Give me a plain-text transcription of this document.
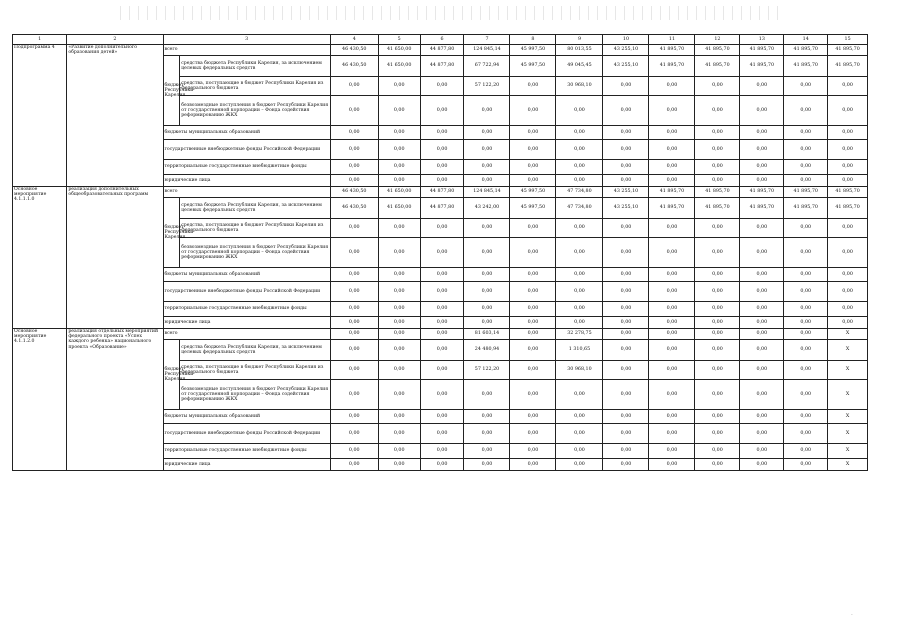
1	2	3		4	5	6	7	8	9	10	11	12	13	14	15
Подпрограмма 4	«Развитие дополнительного образования детей»	всего		46 430,50	41 650,00	44 877,80	124 845,14	45 997,50	80 013,55	43 255,10	41 895,70	41 895,70	41 895,70	41 895,70	41 895,70
		бюджет Республики Карелия	средства бюджета Республики Карелия, за исключением целевых федеральных средств	46 430,50	41 650,00	44 877,80	67 722,94	45 997,50	49 045,45	43 255,10	41 895,70	41 895,70	41 895,70	41 895,70	41 895,70
			средства, поступающие в бюджет Республики Карелия из федерального бюджета	0,00	0,00	0,00	57 122,20	0,00	30 968,10	0,00	0,00	0,00	0,00	0,00	0,00
			безвозмездные поступления в бюджет Республики Карелия от государственной корпорации – Фонда содействия реформированию ЖКХ	0,00	0,00	0,00	0,00	0,00	0,00	0,00	0,00	0,00	0,00	0,00	0,00
		бюджеты муниципальных образований		0,00	0,00	0,00	0,00	0,00	0,00	0,00	0,00	0,00	0,00	0,00	0,00
		государственные внебюджетные фонды Российской Федерации		0,00	0,00	0,00	0,00	0,00	0,00	0,00	0,00	0,00	0,00	0,00	0,00
		территориальные государственные внебюджетные фонды		0,00	0,00	0,00	0,00	0,00	0,00	0,00	0,00	0,00	0,00	0,00	0,00
		юридические лица		0,00	0,00	0,00	0,00	0,00	0,00	0,00	0,00	0,00	0,00	0,00	0,00
Основное мероприятие 4.1.1.1.0	реализация дополнительных общеобразовательных программ	всего		46 430,50	41 650,00	44 877,80	124 845,14	45 997,50	47 734,80	43 255,10	41 895,70	41 895,70	41 895,70	41 895,70	41 895,70
		бюджет Республики Карелия	средства бюджета Республики Карелия, за исключением целевых федеральных средств	46 430,50	41 650,00	44 877,80	43 242,00	45 997,50	47 734,80	43 255,10	41 895,70	41 895,70	41 895,70	41 895,70	41 895,70
			средства, поступающие в бюджет Республики Карелия из федерального бюджета	0,00	0,00	0,00	0,00	0,00	0,00	0,00	0,00	0,00	0,00	0,00	0,00
			безвозмездные поступления в бюджет Республики Карелия от государственной корпорации – Фонда содействия реформированию ЖКХ	0,00	0,00	0,00	0,00	0,00	0,00	0,00	0,00	0,00	0,00	0,00	0,00
		бюджеты муниципальных образований		0,00	0,00	0,00	0,00	0,00	0,00	0,00	0,00	0,00	0,00	0,00	0,00
		государственные внебюджетные фонды Российской Федерации		0,00	0,00	0,00	0,00	0,00	0,00	0,00	0,00	0,00	0,00	0,00	0,00
		территориальные государственные внебюджетные фонды		0,00	0,00	0,00	0,00	0,00	0,00	0,00	0,00	0,00	0,00	0,00	0,00
		юридические лица		0,00	0,00	0,00	0,00	0,00	0,00	0,00	0,00	0,00	0,00	0,00	0,00
Основное мероприятие 4.1.1.2.0	реализация отдельных мероприятий федерального проекта «Успех каждого ребенка» национального проекта «Образование»	всего		0,00	0,00	0,00	81 603,14	0,00	32 278,75	0,00	0,00	0,00	0,00	0,00	X
		бюджет Республики Карелия	средства бюджета Республики Карелия, за исключением целевых федеральных средств	0,00	0,00	0,00	24 480,94	0,00	1 310,65	0,00	0,00	0,00	0,00	0,00	X
			средства, поступающие в бюджет Республики Карелия из федерального бюджета	0,00	0,00	0,00	57 122,20	0,00	30 968,10	0,00	0,00	0,00	0,00	0,00	X
			безвозмездные поступления в бюджет Республики Карелия от государственной корпорации – Фонда содействия реформированию ЖКХ	0,00	0,00	0,00	0,00	0,00	0,00	0,00	0,00	0,00	0,00	0,00	X
		бюджеты муниципальных образований		0,00	0,00	0,00	0,00	0,00	0,00	0,00	0,00	0,00	0,00	0,00	X
		государственные внебюджетные фонды Российской Федерации		0,00	0,00	0,00	0,00	0,00	0,00	0,00	0,00	0,00	0,00	0,00	X
		территориальные государственные внебюджетные фонды		0,00	0,00	0,00	0,00	0,00	0,00	0,00	0,00	0,00	0,00	0,00	X
		юридические лица		0,00	0,00	0,00	0,00	0,00	0,00	0,00	0,00	0,00	0,00	0,00	X
-
